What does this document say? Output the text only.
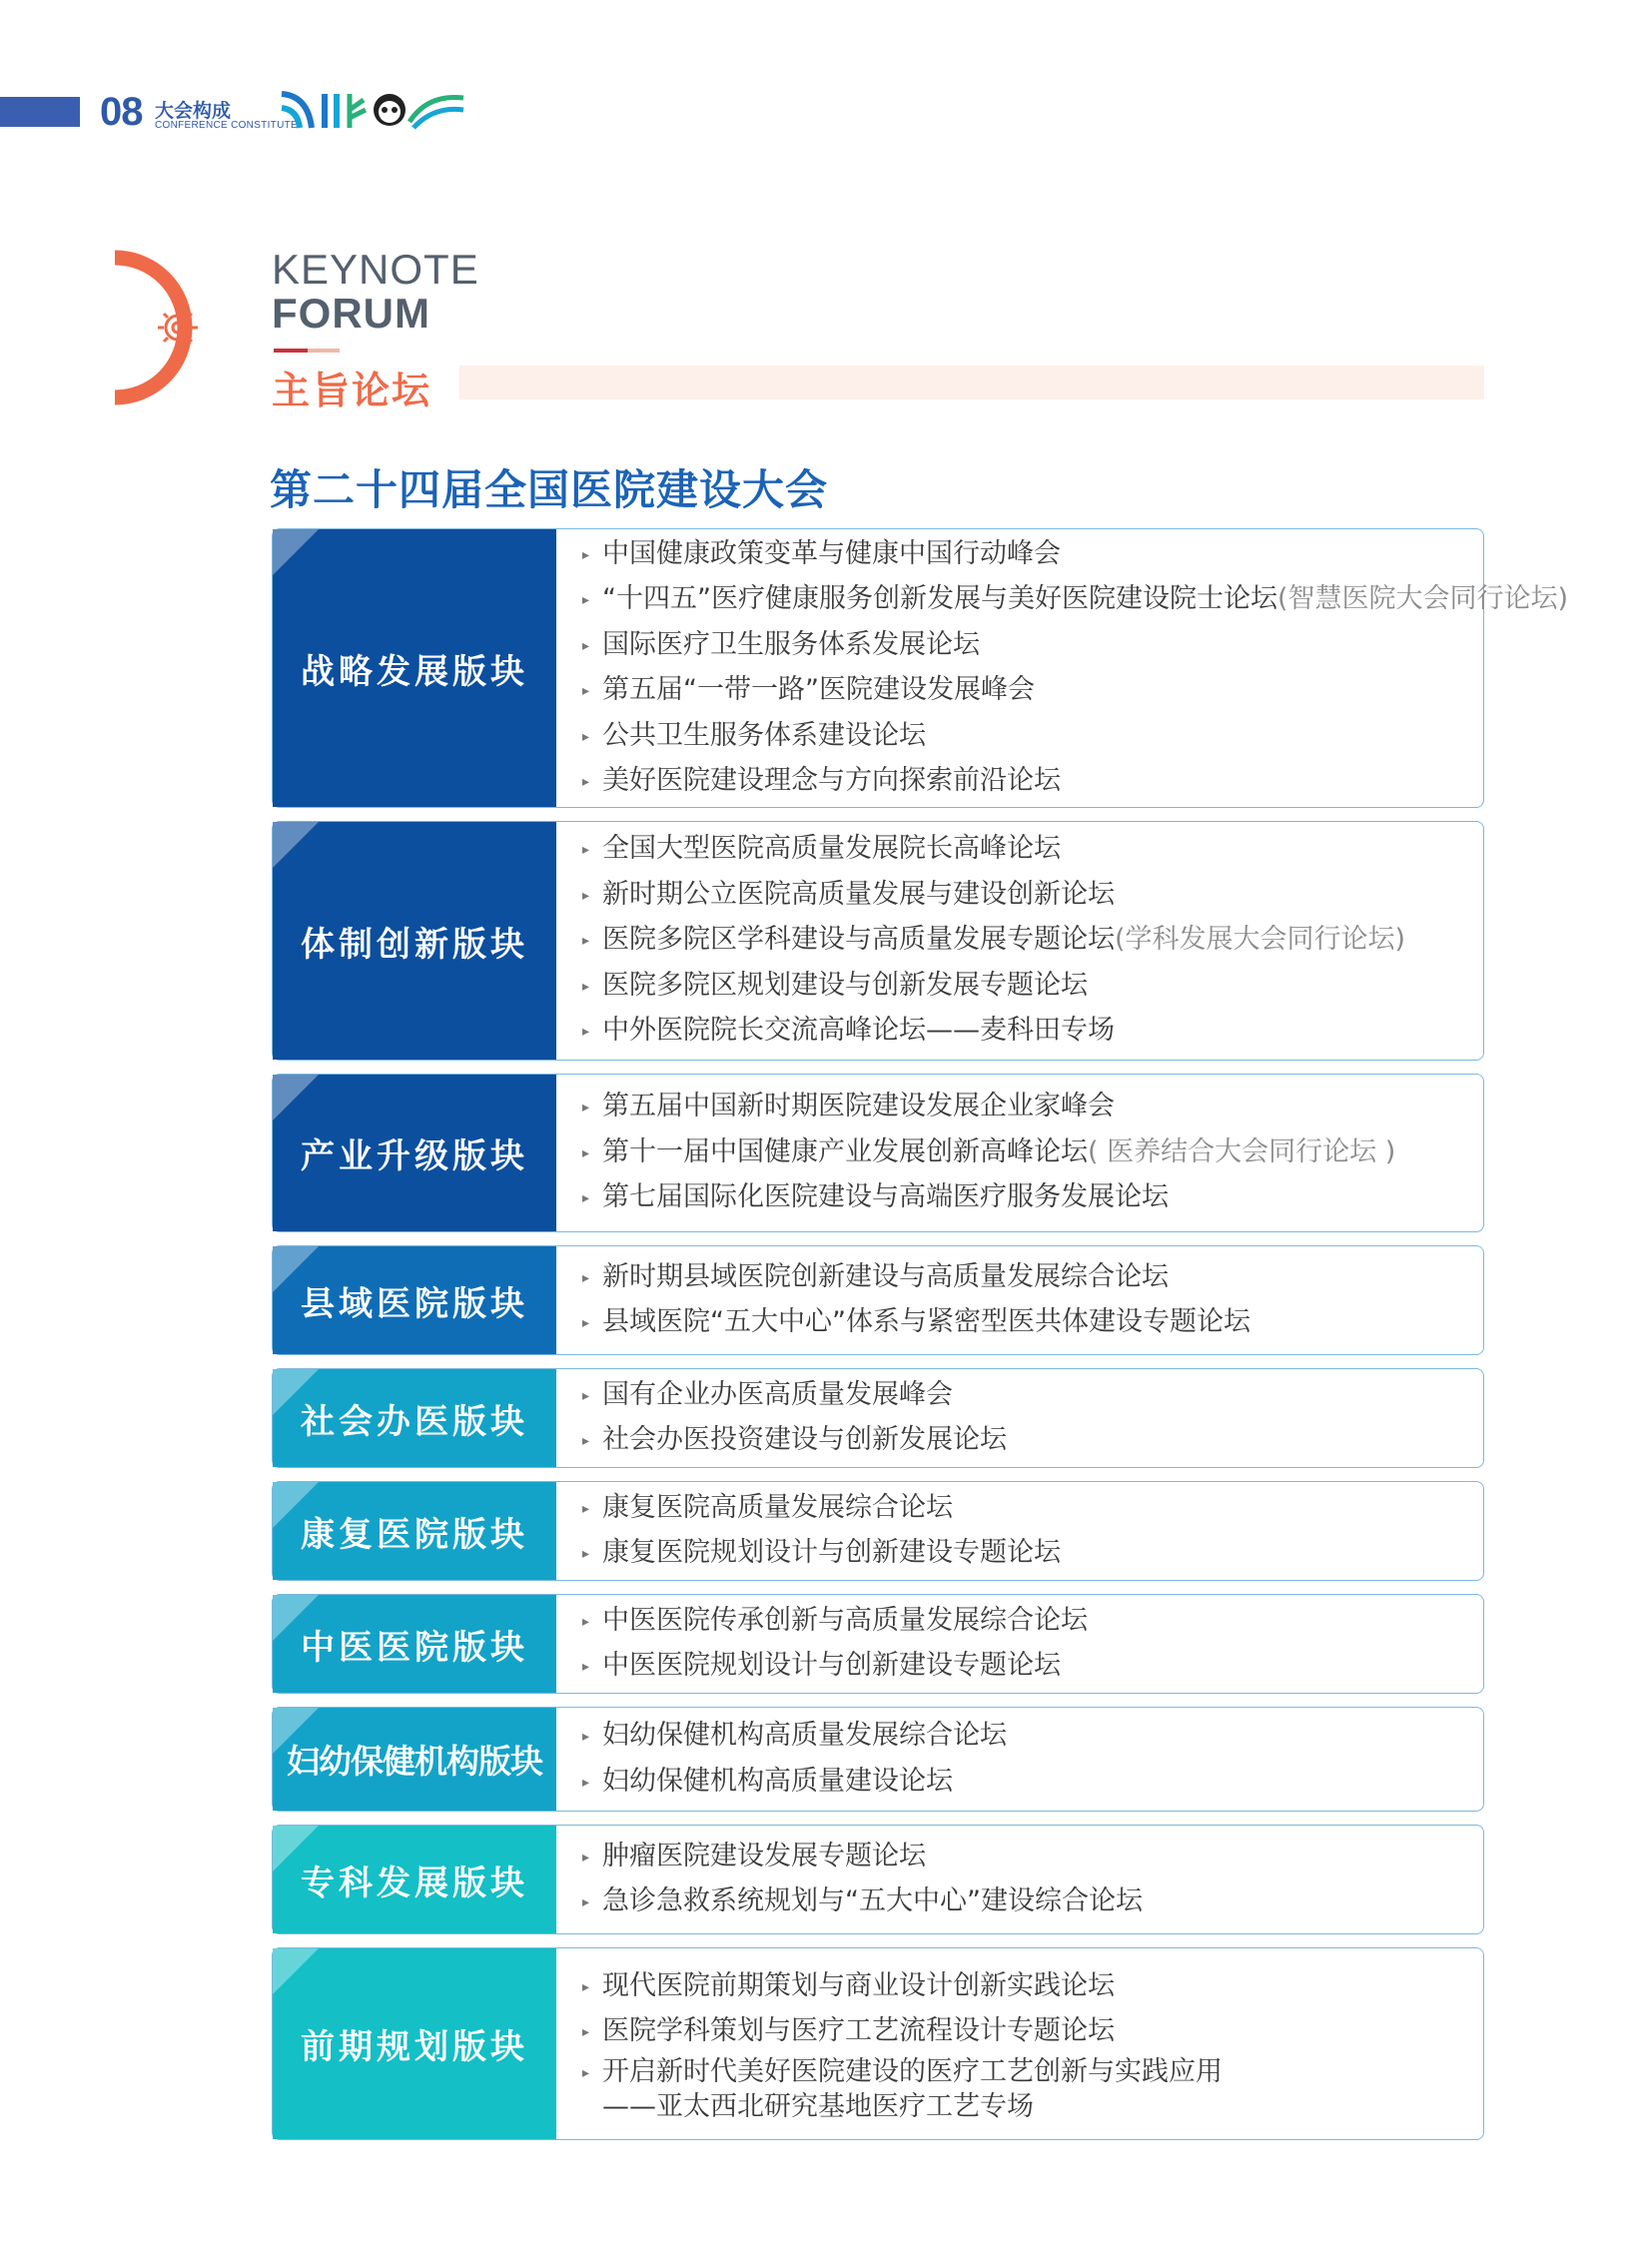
08 大会构成
CONFERENCE CONSTITUTE
KEYNOTE
FORUM
主旨论坛
第二十四届全国医院建设大会
战略发展版块
▸ 中国健康政策变革与健康中国行动峰会
▸ “十四五”医疗健康服务创新发展与美好医院建设院士论坛(智慧医院大会同行论坛)
▸ 国际医疗卫生服务体系发展论坛
▸ 第五届“一带一路”医院建设发展峰会
▸ 公共卫生服务体系建设论坛
▸ 美好医院建设理念与方向探索前沿论坛
体制创新版块
▸ 全国大型医院高质量发展院长高峰论坛
▸ 新时期公立医院高质量发展与建设创新论坛
▸ 医院多院区学科建设与高质量发展专题论坛(学科发展大会同行论坛)
▸ 医院多院区规划建设与创新发展专题论坛
▸ 中外医院院长交流高峰论坛——麦科田专场
产业升级版块
▸ 第五届中国新时期医院建设发展企业家峰会
▸ 第十一届中国健康产业发展创新高峰论坛( 医养结合大会同行论坛 )
▸ 第七届国际化医院建设与高端医疗服务发展论坛
县域医院版块
▸ 新时期县域医院创新建设与高质量发展综合论坛
▸ 县域医院“五大中心”体系与紧密型医共体建设专题论坛
社会办医版块
▸ 国有企业办医高质量发展峰会
▸ 社会办医投资建设与创新发展论坛
康复医院版块
▸ 康复医院高质量发展综合论坛
▸ 康复医院规划设计与创新建设专题论坛
中医医院版块
▸ 中医医院传承创新与高质量发展综合论坛
▸ 中医医院规划设计与创新建设专题论坛
妇幼保健机构版块
▸ 妇幼保健机构高质量发展综合论坛
▸ 妇幼保健机构高质量建设论坛
专科发展版块
▸ 肿瘤医院建设发展专题论坛
▸ 急诊急救系统规划与“五大中心”建设综合论坛
前期规划版块
▸ 现代医院前期策划与商业设计创新实践论坛
▸ 医院学科策划与医疗工艺流程设计专题论坛
▸ 开启新时代美好医院建设的医疗工艺创新与实践应用
——亚太西北研究基地医疗工艺专场
